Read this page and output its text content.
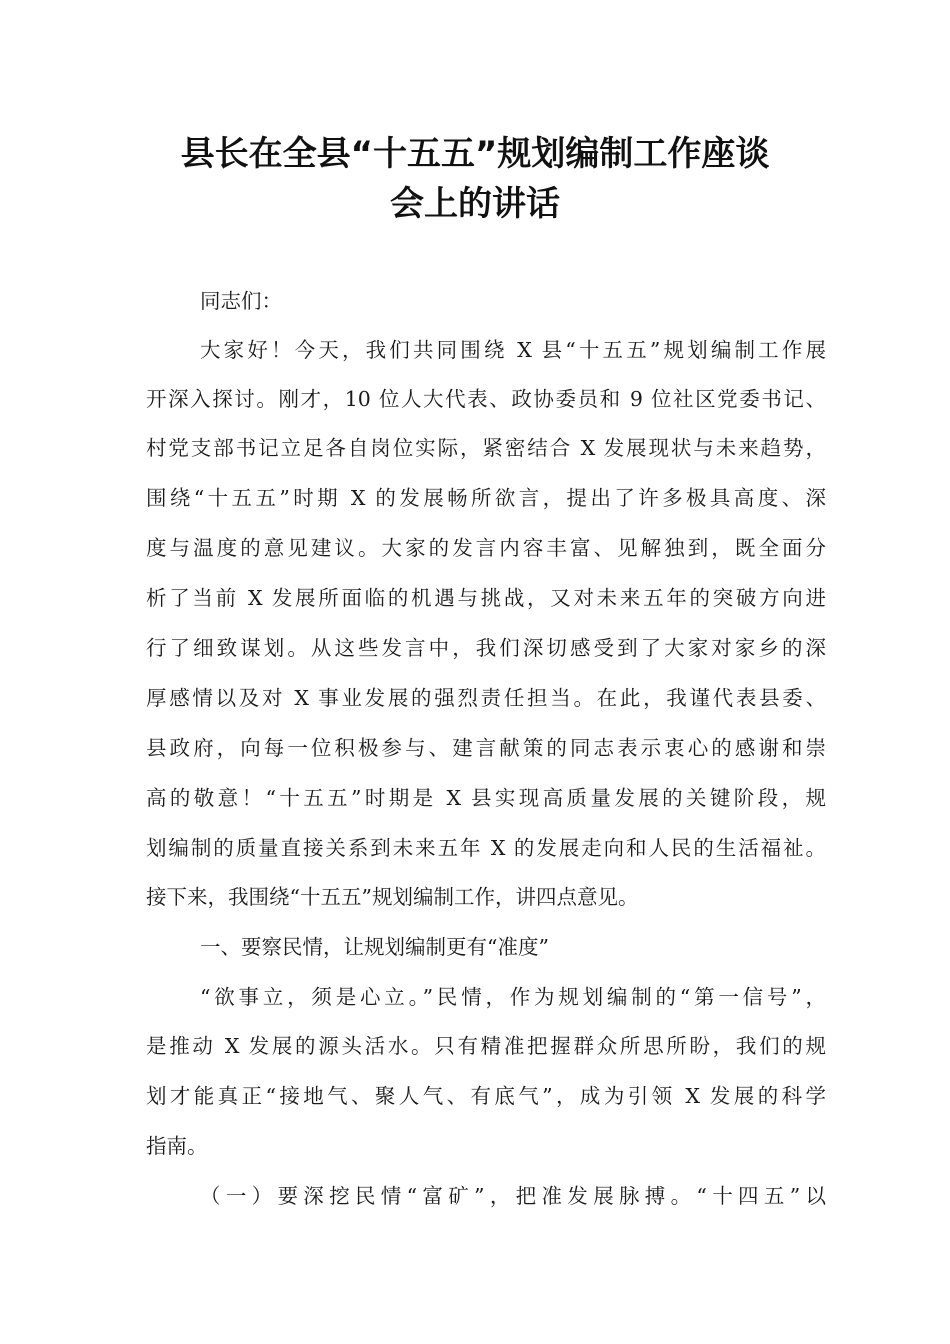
县长在全县“十五五”规划编制工作座谈
会上的讲话
同志们：
大家好！今天，我们共同围绕 X 县“十五五”规划编制工作展
开深入探讨。刚才，10 位人大代表、政协委员和 9 位社区党委书记、
村党支部书记立足各自岗位实际，紧密结合 X 发展现状与未来趋势，
围绕“十五五”时期 X 的发展畅所欲言，提出了许多极具高度、深
度与温度的意见建议。大家的发言内容丰富、见解独到，既全面分
析了当前 X 发展所面临的机遇与挑战，又对未来五年的突破方向进
行了细致谋划。从这些发言中，我们深切感受到了大家对家乡的深
厚感情以及对 X 事业发展的强烈责任担当。在此，我谨代表县委、
县政府，向每一位积极参与、建言献策的同志表示衷心的感谢和崇
高的敬意！“十五五”时期是 X 县实现高质量发展的关键阶段，规
划编制的质量直接关系到未来五年 X 的发展走向和人民的生活福祉。
接下来，我围绕“十五五”规划编制工作，讲四点意见。
一、要察民情，让规划编制更有“准度”
“欲事立，须是心立。”民情，作为规划编制的“第一信号”，
是推动 X 发展的源头活水。只有精准把握群众所思所盼，我们的规
划才能真正“接地气、聚人气、有底气”，成为引领 X 发展的科学
指南。
（一）要深挖民情“富矿”，把准发展脉搏。“十四五”以
